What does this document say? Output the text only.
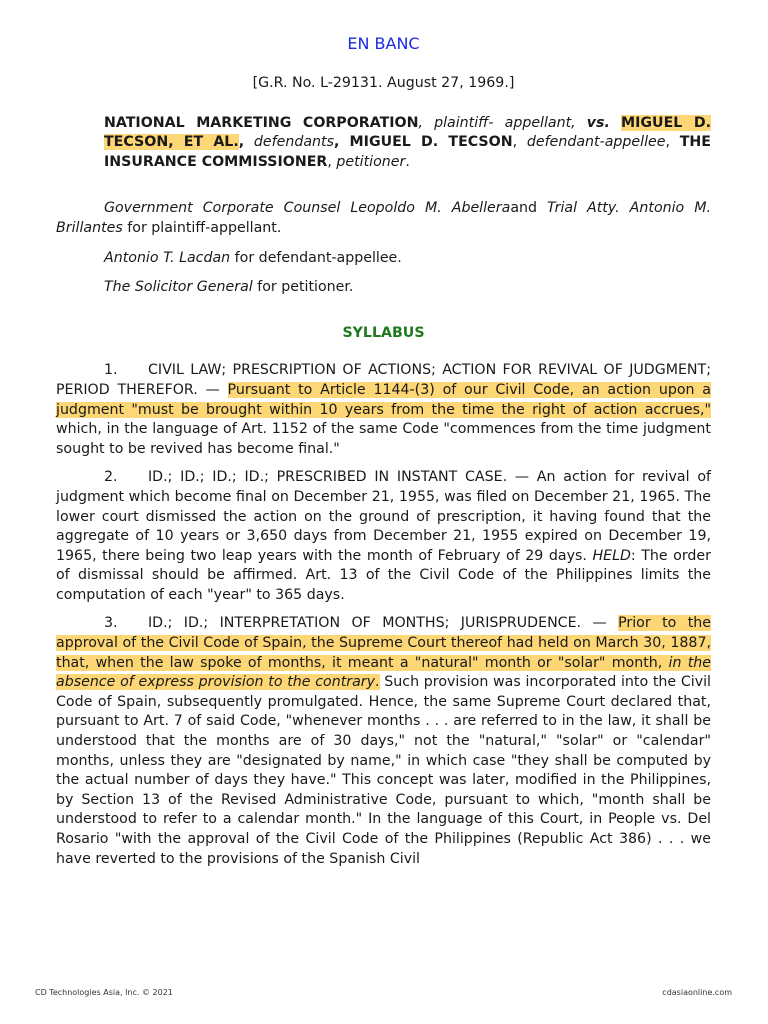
EN BANC
[G.R. No. L-29131. August 27, 1969.]
NATIONAL MARKETING CORPORATION, plaintiff- appellant, vs. MIGUEL D. TECSON, ET AL., defendants, MIGUEL D. TECSON, defendant-appellee, THE INSURANCE COMMISSIONER, petitioner.
Government Corporate Counsel Leopoldo M. Abelleraand Trial Atty. Antonio M. Brillantes for plaintiff-appellant.
Antonio T. Lacdan for defendant-appellee.
The Solicitor General for petitioner.
SYLLABUS
1. CIVIL LAW; PRESCRIPTION OF ACTIONS; ACTION FOR REVIVAL OF JUDGMENT; PERIOD THEREFOR. — Pursuant to Article 1144-(3) of our Civil Code, an action upon a judgment "must be brought within 10 years from the time the right of action accrues," which, in the language of Art. 1152 of the same Code "commences from the time judgment sought to be revived has become final."
2. ID.; ID.; ID.; ID.; PRESCRIBED IN INSTANT CASE. — An action for revival of judgment which become final on December 21, 1955, was filed on December 21, 1965. The lower court dismissed the action on the ground of prescription, it having found that the aggregate of 10 years or 3,650 days from December 21, 1955 expired on December 19, 1965, there being two leap years with the month of February of 29 days. HELD: The order of dismissal should be affirmed. Art. 13 of the Civil Code of the Philippines limits the computation of each "year" to 365 days.
3. ID.; ID.; INTERPRETATION OF MONTHS; JURISPRUDENCE. — Prior to the approval of the Civil Code of Spain, the Supreme Court thereof had held on March 30, 1887, that, when the law spoke of months, it meant a "natural" month or "solar" month, in the absence of express provision to the contrary. Such provision was incorporated into the Civil Code of Spain, subsequently promulgated. Hence, the same Supreme Court declared that, pursuant to Art. 7 of said Code, "whenever months . . . are referred to in the law, it shall be understood that the months are of 30 days," not the "natural," "solar" or "calendar" months, unless they are "designated by name," in which case "they shall be computed by the actual number of days they have." This concept was later, modified in the Philippines, by Section 13 of the Revised Administrative Code, pursuant to which, "month shall be understood to refer to a calendar month." In the language of this Court, in People vs. Del Rosario "with the approval of the Civil Code of the Philippines (Republic Act 386) . . . we have reverted to the provisions of the Spanish Civil
CD Technologies Asia, Inc. © 2021	cdasiaonline.com
